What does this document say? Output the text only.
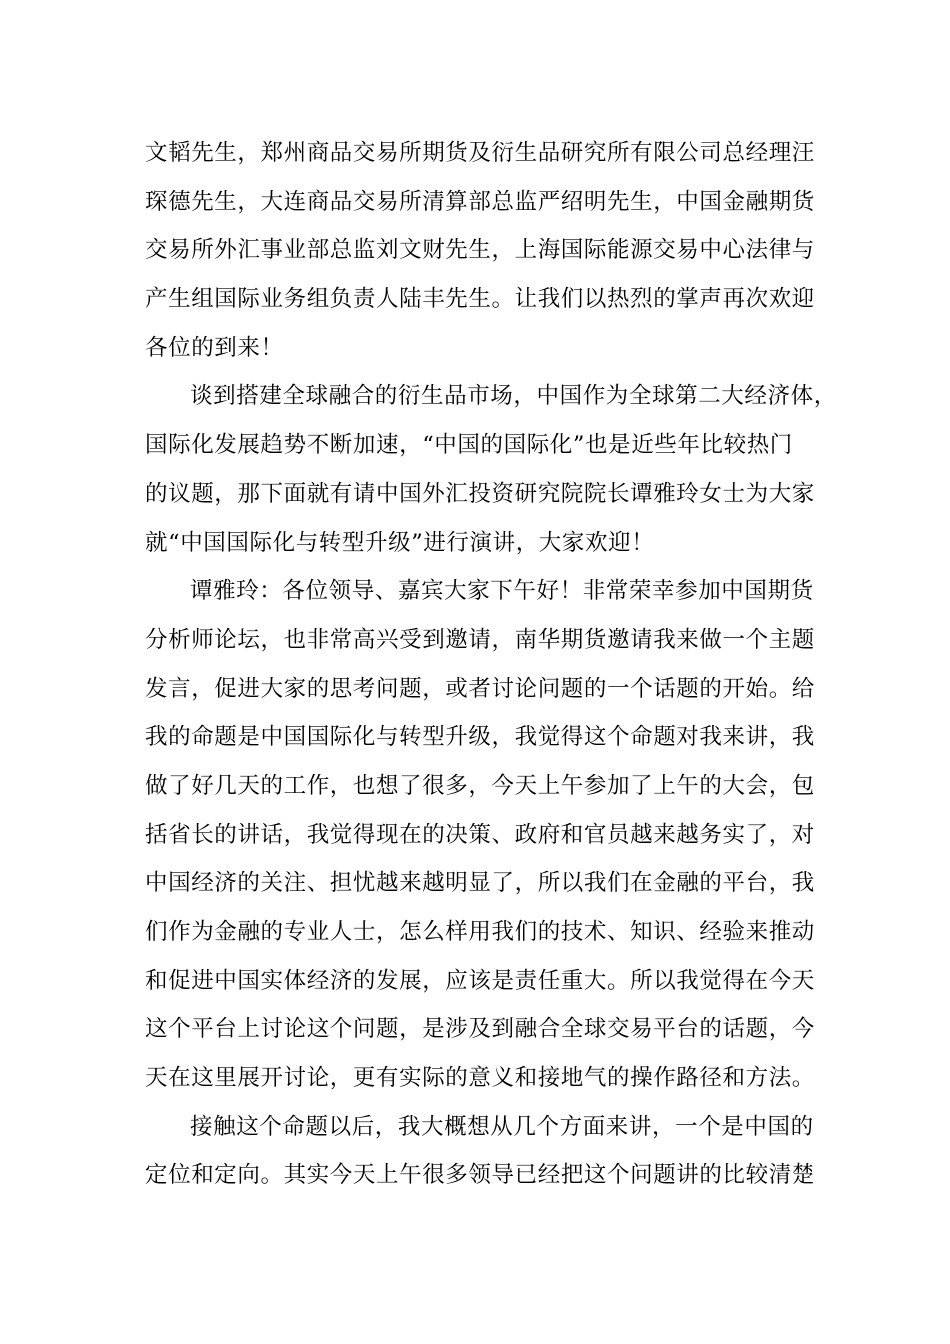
文韬先生，郑州商品交易所期货及衍生品研究所有限公司总经理汪
琛德先生，大连商品交易所清算部总监严绍明先生，中国金融期货
交易所外汇事业部总监刘文财先生，上海国际能源交易中心法律与
产生组国际业务组负责人陆丰先生。让我们以热烈的掌声再次欢迎
各位的到来！
谈到搭建全球融合的衍生品市场，中国作为全球第二大经济体，
国际化发展趋势不断加速，“中国的国际化”也是近些年比较热门
的议题，那下面就有请中国外汇投资研究院院长谭雅玲女士为大家
就“中国国际化与转型升级”进行演讲，大家欢迎！
谭雅玲：各位领导、嘉宾大家下午好！非常荣幸参加中国期货
分析师论坛，也非常高兴受到邀请，南华期货邀请我来做一个主题
发言，促进大家的思考问题，或者讨论问题的一个话题的开始。给
我的命题是中国国际化与转型升级，我觉得这个命题对我来讲，我
做了好几天的工作，也想了很多，今天上午参加了上午的大会，包
括省长的讲话，我觉得现在的决策、政府和官员越来越务实了，对
中国经济的关注、担忧越来越明显了，所以我们在金融的平台，我
们作为金融的专业人士，怎么样用我们的技术、知识、经验来推动
和促进中国实体经济的发展，应该是责任重大。所以我觉得在今天
这个平台上讨论这个问题，是涉及到融合全球交易平台的话题，今
天在这里展开讨论，更有实际的意义和接地气的操作路径和方法。
接触这个命题以后，我大概想从几个方面来讲，一个是中国的
定位和定向。其实今天上午很多领导已经把这个问题讲的比较清楚
